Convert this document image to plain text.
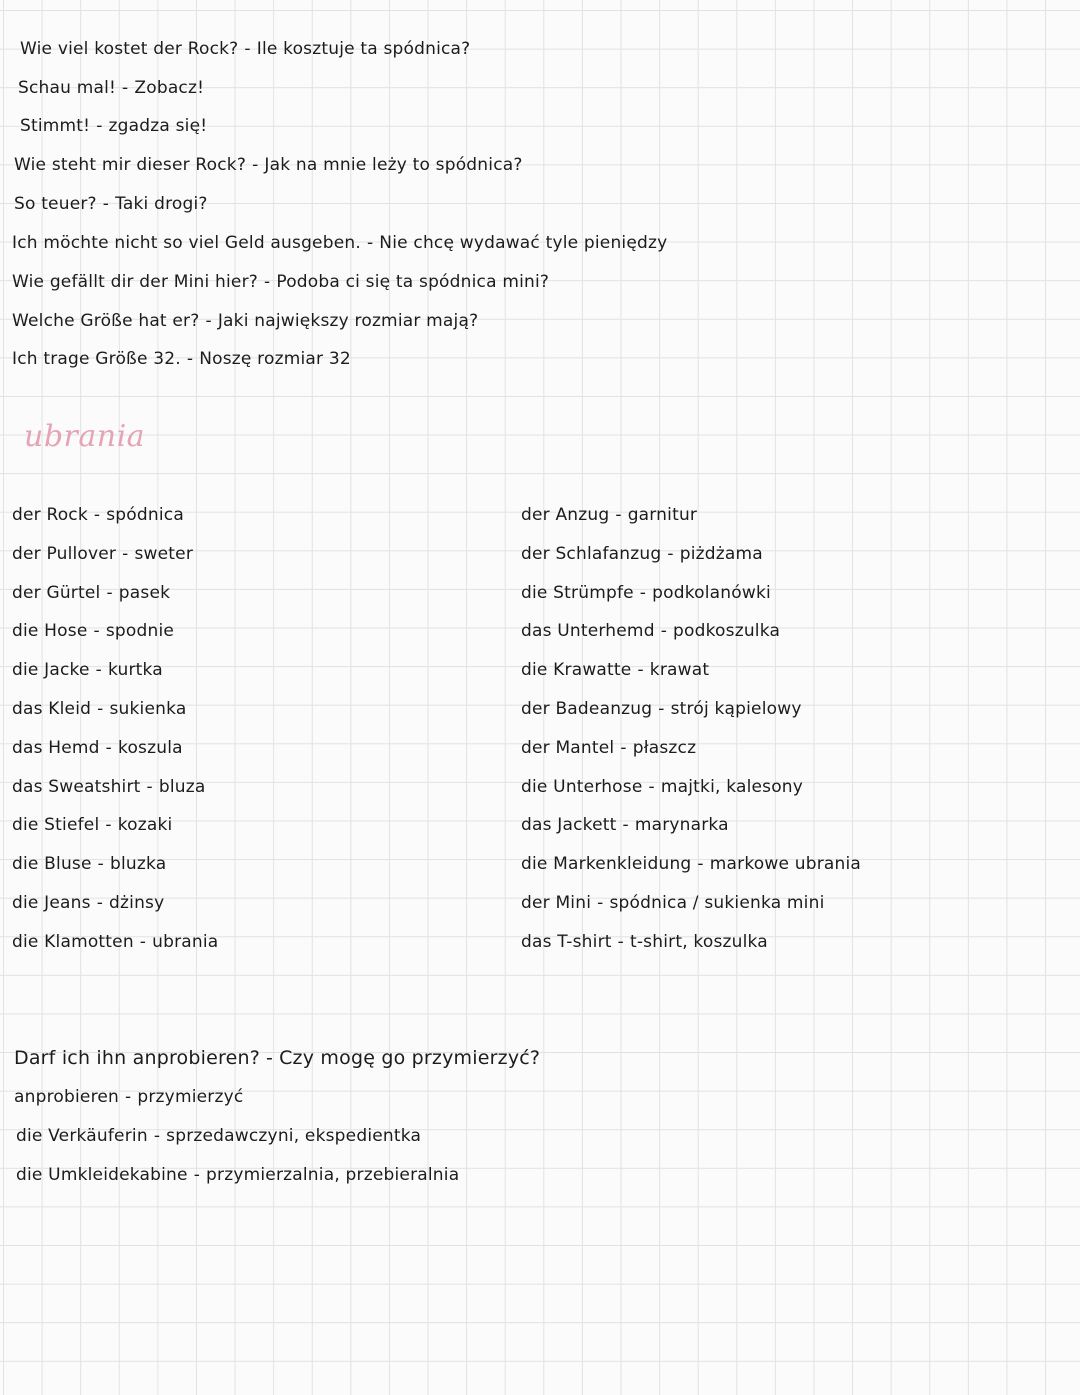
Wie viel kostet der Rock? - Ile kosztuje ta spódnica?
Schau mal! - Zobacz!
Stimmt! - zgadza się!
Wie steht mir dieser Rock? - Jak na mnie leży to spódnica?
So teuer? - Taki drogi?
Ich möchte nicht so viel Geld ausgeben. - Nie chcę wydawać tyle pieniędzy
Wie gefällt dir der Mini hier? - Podoba ci się ta spódnica mini?
Welche Größe hat er? - Jaki największy rozmiar mają?
Ich trage Größe 32. - Noszę rozmiar 32
ubrania
der Rock - spódnica
der Pullover - sweter
der Gürtel - pasek
die Hose - spodnie
die Jacke - kurtka
das Kleid - sukienka
das Hemd - koszula
das Sweatshirt - bluza
die Stiefel - kozaki
die Bluse - bluzka
die Jeans - dżinsy
die Klamotten - ubrania
der Anzug - garnitur
der Schlafanzug - piżdżama
die Strümpfe - podkolanówki
das Unterhemd - podkoszulka
die Krawatte - krawat
der Badeanzug - strój kąpielowy
der Mantel - płaszcz
die Unterhose - majtki, kalesony
das Jackett - marynarka
die Markenkleidung - markowe ubrania
der Mini - spódnica / sukienka mini
das T-shirt - t-shirt, koszulka
Darf ich ihn anprobieren? - Czy mogę go przymierzyć?
anprobieren - przymierzyć
die Verkäuferin - sprzedawczyni, ekspedientka
die Umkleidekabine - przymierzalnia, przebieralnia
